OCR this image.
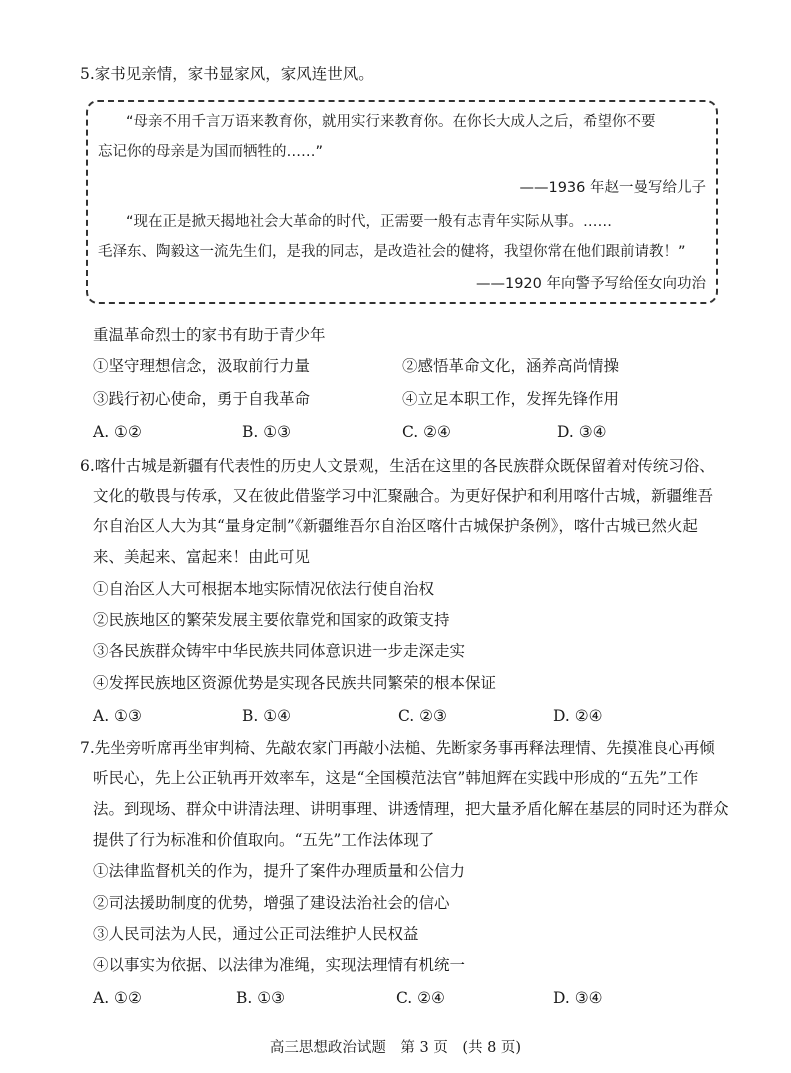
5.家书见亲情，家书显家风，家风连世风。
“母亲不用千言万语来教育你，就用实行来教育你。在你长大成人之后，希望你不要
忘记你的母亲是为国而牺牲的……”
——1936 年赵一曼写给儿子
“现在正是掀天揭地社会大革命的时代，正需要一般有志青年实际从事。……
毛泽东、陶毅这一流先生们，是我的同志，是改造社会的健将，我望你常在他们跟前请教！”
——1920 年向警予写给侄女向功治
重温革命烈士的家书有助于青少年
①坚守理想信念，汲取前行力量	②感悟革命文化，涵养高尚情操
③践行初心使命，勇于自我革命	④立足本职工作，发挥先锋作用
A. ①②	B. ①③	C. ②④	D. ③④
6.喀什古城是新疆有代表性的历史人文景观，生活在这里的各民族群众既保留着对传统习俗、
文化的敬畏与传承，又在彼此借鉴学习中汇聚融合。为更好保护和利用喀什古城，新疆维吾
尔自治区人大为其“量身定制”《新疆维吾尔自治区喀什古城保护条例》，喀什古城已然火起
来、美起来、富起来！由此可见
①自治区人大可根据本地实际情况依法行使自治权
②民族地区的繁荣发展主要依靠党和国家的政策支持
③各民族群众铸牢中华民族共同体意识进一步走深走实
④发挥民族地区资源优势是实现各民族共同繁荣的根本保证
A. ①③	B. ①④	C. ②③	D. ②④
7.先坐旁听席再坐审判椅、先敲农家门再敲小法槌、先断家务事再释法理情、先摸准良心再倾
听民心，先上公正轨再开效率车，这是“全国模范法官”韩旭辉在实践中形成的“五先”工作
法。到现场、群众中讲清法理、讲明事理、讲透情理，把大量矛盾化解在基层的同时还为群众
提供了行为标准和价值取向。“五先”工作法体现了
①法律监督机关的作为，提升了案件办理质量和公信力
②司法援助制度的优势，增强了建设法治社会的信心
③人民司法为人民，通过公正司法维护人民权益
④以事实为依据、以法律为准绳，实现法理情有机统一
A. ①②	B. ①③	C. ②④	D. ③④
高三思想政治试题　第 3 页　(共 8 页)
